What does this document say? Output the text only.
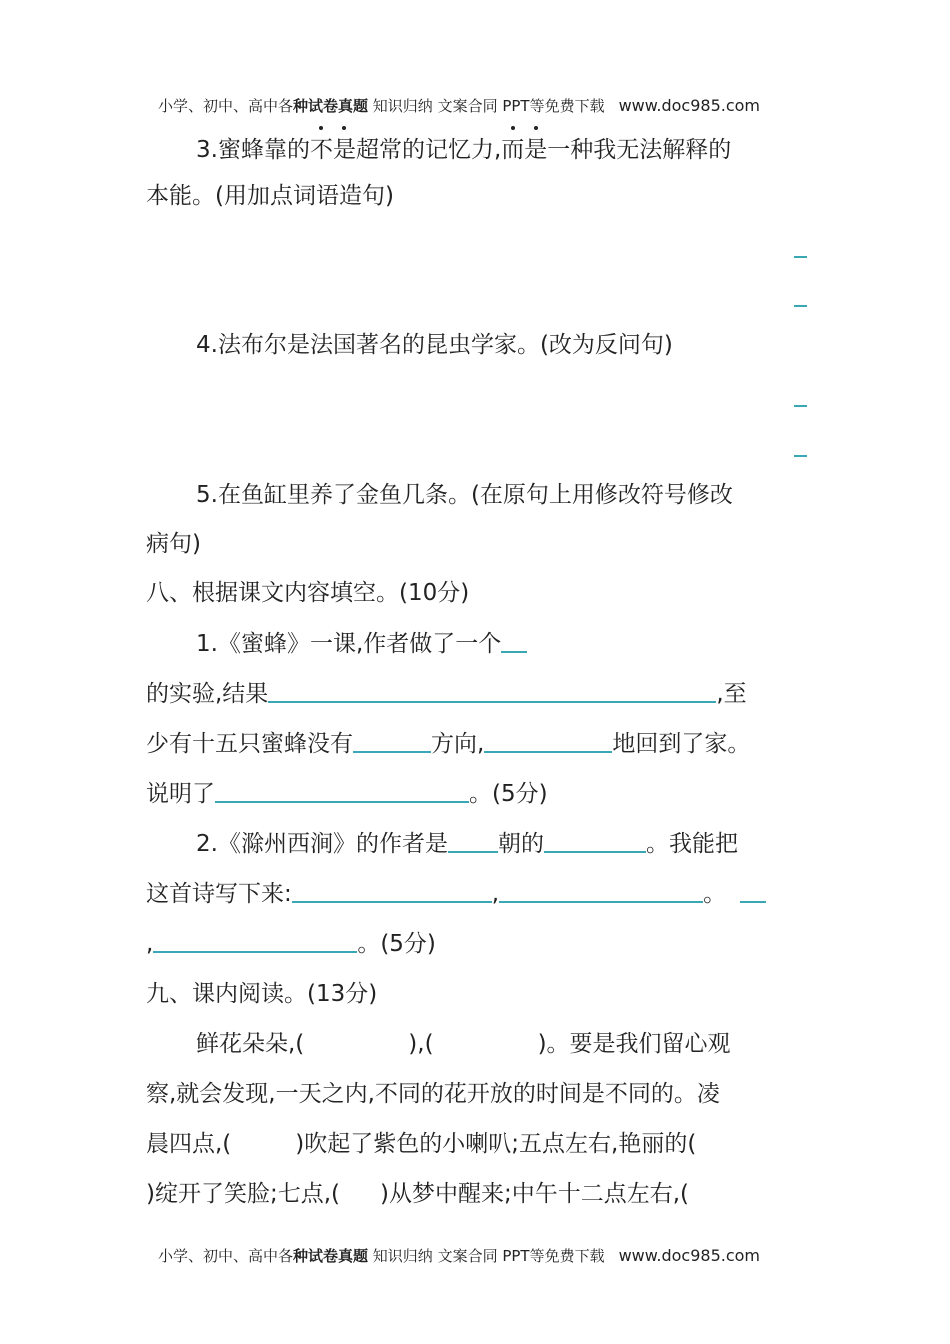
小学、初中、高中各种试卷真题 知识归纳 文案合同 PPT等免费下载 www.doc985.com
3.蜜蜂靠的不是超常的记忆力,而是一种我无法解释的
本能。(用加点词语造句)
4.法布尔是法国著名的昆虫学家。(改为反问句)
5.在鱼缸里养了金鱼几条。(在原句上用修改符号修改
病句)
八、根据课文内容填空。(10分)
1.《蜜蜂》一课,作者做了一个
的实验,结果	,至
少有十五只蜜蜂没有	方向,	地回到了家。
说明了	。(5分)
2.《滁州西涧》的作者是 朝的	。我能把
这首诗写下来:	,	。
,	。(5分)
九、课内阅读。(13分)
鲜花朵朵,(	),(	)。要是我们留心观
察,就会发现,一天之内,不同的花开放的时间是不同的。凌
晨四点,(	)吹起了紫色的小喇叭;五点左右,艳丽的(
)绽开了笑脸;七点,( )从梦中醒来;中午十二点左右,(
小学、初中、高中各种试卷真题 知识归纳 文案合同 PPT等免费下载 www.doc985.com
